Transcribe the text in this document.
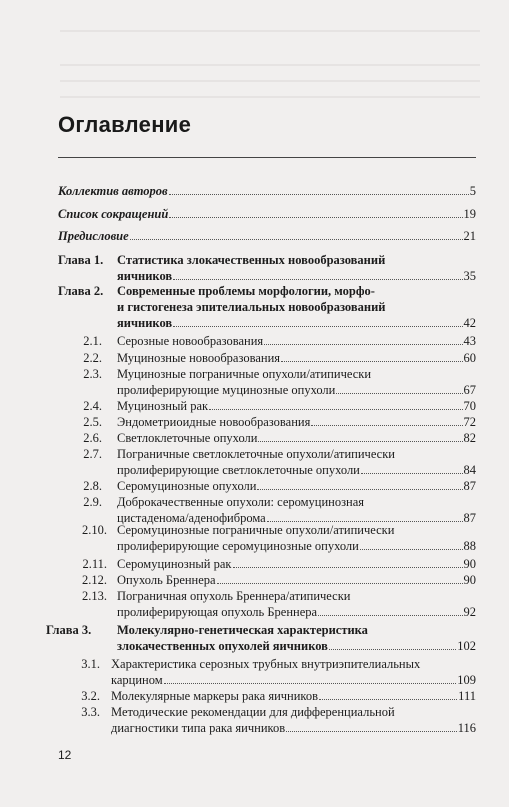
Оглавление
Коллектив авторов	5
Список сокращений	19
Предисловие	21
Глава 1. Статистика злокачественных новообразований
яичников	35
Глава 2. Современные проблемы морфологии, морфо-
и гистогенеза эпителиальных новообразований
яичников	42
2.1. Серозные новообразования	43
2.2. Муцинозные новообразования	60
2.3. Муцинозные пограничные опухоли/атипически
пролиферирующие муцинозные опухоли	67
2.4. Муцинозный рак	70
2.5. Эндометриоидные новообразования	72
2.6. Светлоклеточные опухоли	82
2.7. Пограничные светлоклеточные опухоли/атипически
пролиферирующие светлоклеточные опухоли	84
2.8. Серомуцинозные опухоли	87
2.9. Доброкачественные опухоли: серомуцинозная
цистаденома/аденофиброма	87
2.10. Серомуцинозные пограничные опухоли/атипически
пролиферирующие серомуцинозные опухоли	88
2.11. Серомуцинозный рак	90
2.12. Опухоль Бреннера	90
2.13. Пограничная опухоль Бреннера/атипически
пролиферирующая опухоль Бреннера	92
Глава 3. Молекулярно-генетическая характеристика
злокачественных опухолей яичников	102
3.1. Характеристика серозных трубных внутриэпителиальных
карцином	109
3.2. Молекулярные маркеры рака яичников	111
3.3. Методические рекомендации для дифференциальной
диагностики типа рака яичников	116
12
